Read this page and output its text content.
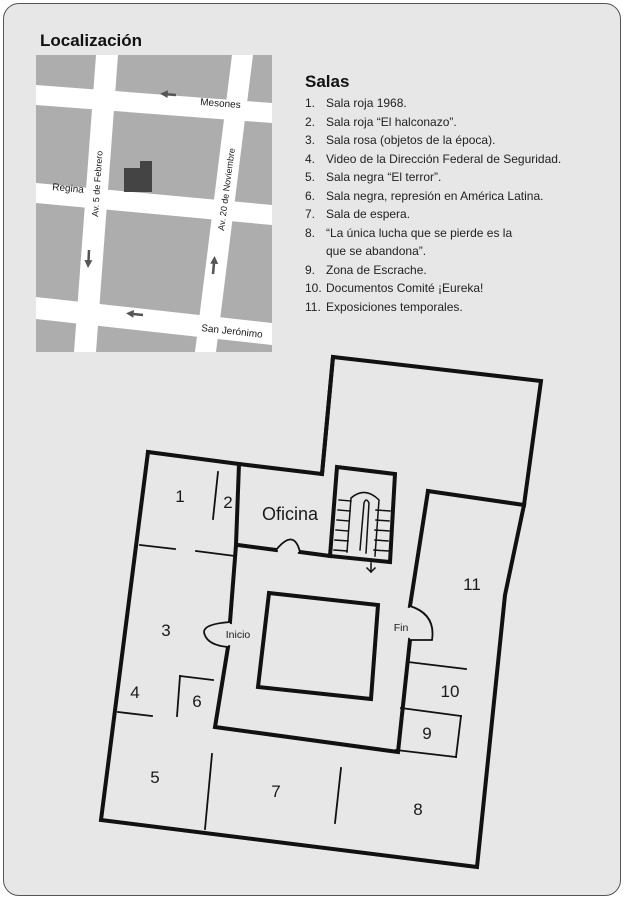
Localización
Mesones
Regina
San Jerónimo
Av. 5 de Febrero	Av. 20 de Noviembre
Salas
1. Sala roja 1968.
2. Sala roja “El halconazo”.
3. Sala rosa (objetos de la época).
4. Video de la Dirección Federal de Seguridad.
5. Sala negra “El terror”.
6. Sala negra, represión en América Latina.
7. Sala de espera.
8. “La única lucha que se pierde es la
que se abandona”.
9. Zona de Escrache.
10. Documentos Comité ¡Eureka!
11. Exposiciones temporales.
1 2
3
4
5
6
7
8
9
10
11
Oficina
Inicio
Fin
